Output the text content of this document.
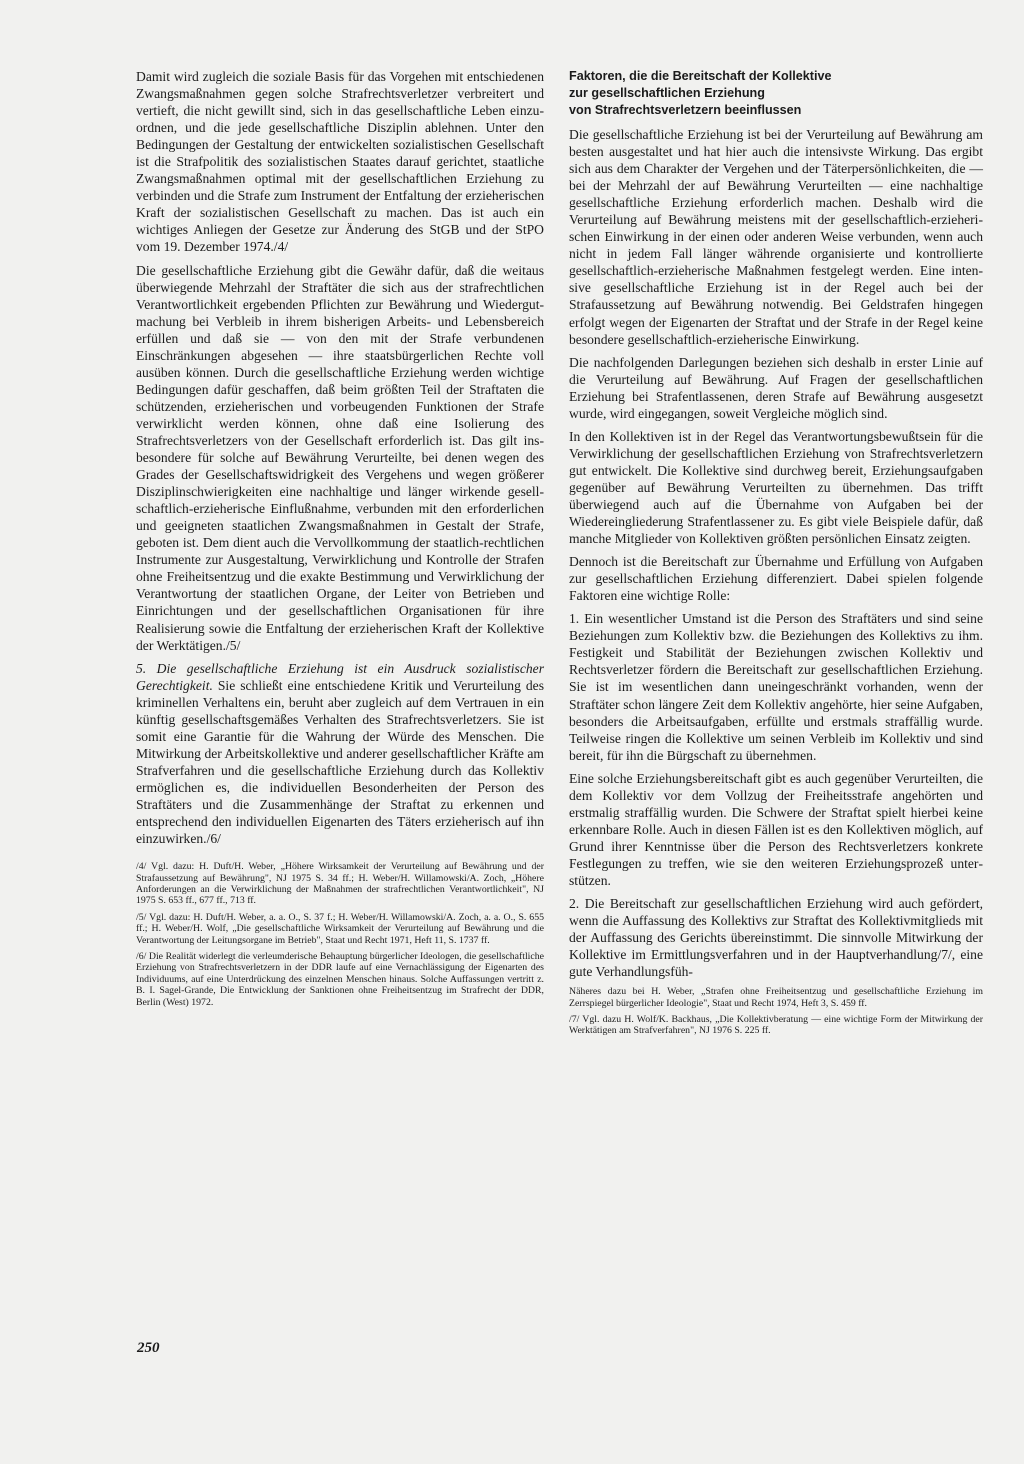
Damit wird zugleich die soziale Basis für das Vorgehen mit entschiedenen Zwangsmaßnahmen gegen solche Strafrechtsverletzer verbreitert und vertieft, die nicht gewillt sind, sich in das gesellschaftliche Leben einzuordnen, und die jede gesellschaftliche Disziplin ablehnen. Unter den Bedingungen der Gestaltung der entwickelten sozialistischen Gesellschaft ist die Strafpolitik des sozialistischen Staates darauf gerichtet, staatliche Zwangsmaßnahmen optimal mit der gesellschaftlichen Erziehung zu verbinden und die Strafe zum Instrument der Entfaltung der erzieherischen Kraft der sozialistischen Gesellschaft zu machen. Das ist auch ein wichtiges Anliegen der Gesetze zur Änderung des StGB und der StPO vom 19. Dezember 1974./4/

Die gesellschaftliche Erziehung gibt die Gewähr dafür, daß die weitaus überwiegende Mehrzahl der Straftäter die sich aus der strafrechtlichen Verantwortlichkeit ergebenden Pflichten zur Bewährung und Wiedergutmachung bei Verbleib in ihrem bisherigen Arbeits- und Lebensbereich erfüllen und daß sie — von den mit der Strafe verbundenen Einschränkungen abgesehen — ihre staatsbürgerlichen Rechte voll ausüben können. Durch die gesellschaftliche Erziehung werden wichtige Bedingungen dafür geschaffen, daß beim größten Teil der Straftaten die schützenden, erzieherischen und vorbeugenden Funktionen der Strafe verwirklicht werden können, ohne daß eine Isolierung des Strafrechtsverletzers von der Gesellschaft erforderlich ist. Das gilt insbesondere für solche auf Bewährung Verurteilte, bei denen wegen des Grades der Gesellschaftswidrigkeit des Vergehens und wegen größerer Disziplinschwierigkeiten eine nachhaltige und länger wirkende gesellschaftlich-erzieherische Einflußnahme, verbunden mit den erforderlichen und geeigneten staatlichen Zwangsmaßnahmen in Gestalt der Strafe, geboten ist. Dem dient auch die Vervollkommung der staatlich-rechtlichen Instrumente zur Ausgestaltung, Verwirklichung und Kontrolle der Strafen ohne Freiheitsentzug und die exakte Bestimmung und Verwirklichung der Verantwortung der staatlichen Organe, der Leiter von Betrieben und Einrichtungen und der gesellschaftlichen Organisationen für ihre Realisierung sowie die Entfaltung der erzieherischen Kraft der Kollektive der Werktätigen./5/

5. Die gesellschaftliche Erziehung ist ein Ausdruck sozialistischer Gerechtigkeit. Sie schließt eine entschiedene Kritik und Verurteilung des kriminellen Verhaltens ein, beruht aber zugleich auf dem Vertrauen in ein künftig gesellschaftsgemäßes Verhalten des Strafrechtsverletzers. Sie ist somit eine Garantie für die Wahrung der Würde des Menschen. Die Mitwirkung der Arbeitskollektive und anderer gesellschaftlicher Kräfte am Strafverfahren und die gesellschaftliche Erziehung durch das Kollektiv ermöglichen es, die individuellen Besonderheiten der Person des Straftäters und die Zusammenhänge der Straftat zu erkennen und entsprechend den individuellen Eigenarten des Täters erzieherisch auf ihn einzuwirken./6/

/4/ Vgl. dazu: H. Duft/H. Weber, „Höhere Wirksamkeit der Verurteilung auf Bewährung und der Strafaussetzung auf Bewährung", NJ 1975 S. 34 ff.; H. Weber/H. Willamowski/A. Zoch, „Höhere Anforderungen an die Verwirklichung der Maßnahmen der strafrechtlichen Verantwortlichkeit", NJ 1975 S. 653 ff., 677 ff., 713 ff.

/5/ Vgl. dazu: H. Duft/H. Weber, a. a. O., S. 37 f.; H. Weber/H. Willamowski/A. Zoch, a. a. O., S. 655 ff.; H. Weber/H. Wolf, „Die gesellschaftliche Wirksamkeit der Verurteilung auf Bewährung und die Verantwortung der Leitungsorgane im Betrieb", Staat und Recht 1971, Heft 11, S. 1737 ff.

/6/ Die Realität widerlegt die verleumderische Behauptung bürgerlicher Ideologen, die gesellschaftliche Erziehung von Strafrechtsverletzern in der DDR laufe auf eine Vernachlässigung der Eigenarten des Individuums, auf eine Unterdrückung des einzelnen Menschen hinaus. Solche Auffassungen vertritt z. B. I. Sagel-Grande, Die Entwicklung der Sanktionen ohne Freiheitsentzug im Strafrecht der DDR, Berlin (West) 1972.

Faktoren, die die Bereitschaft der Kollektive
zur gesellschaftlichen Erziehung
von Strafrechtsverletzern beeinflussen

Die gesellschaftliche Erziehung ist bei der Verurteilung auf Bewährung am besten ausgestaltet und hat hier auch die intensivste Wirkung. Das ergibt sich aus dem Charakter der Vergehen und der Täterpersönlichkeiten, die — bei der Mehrzahl der auf Bewährung Verurteilten — eine nachhaltige gesellschaftliche Erziehung erforderlich machen. Deshalb wird die Verurteilung auf Bewährung meistens mit der gesellschaftlich-erzieherischen Einwirkung in der einen oder anderen Weise verbunden, wenn auch nicht in jedem Fall länger währende organisierte und kontrollierte gesellschaftlich-erzieherische Maßnahmen festgelegt werden. Eine intensive gesellschaftliche Erziehung ist in der Regel auch bei der Strafaussetzung auf Bewährung notwendig. Bei Geldstrafen hingegen erfolgt wegen der Eigenarten der Straftat und der Strafe in der Regel keine besondere gesellschaftlich-erzieherische Einwirkung.

Die nachfolgenden Darlegungen beziehen sich deshalb in erster Linie auf die Verurteilung auf Bewährung. Auf Fragen der gesellschaftlichen Erziehung bei Strafentlassenen, deren Strafe auf Bewährung ausgesetzt wurde, wird eingegangen, soweit Vergleiche möglich sind.

In den Kollektiven ist in der Regel das Verantwortungsbewußtsein für die Verwirklichung der gesellschaftlichen Erziehung von Strafrechtsverletzern gut entwickelt. Die Kollektive sind durchweg bereit, Erziehungsaufgaben gegenüber auf Bewährung Verurteilten zu übernehmen. Das trifft überwiegend auch auf die Übernahme von Aufgaben bei der Wiedereingliederung Strafentlassener zu. Es gibt viele Beispiele dafür, daß manche Mitglieder von Kollektiven größten persönlichen Einsatz zeigten.

Dennoch ist die Bereitschaft zur Übernahme und Erfüllung von Aufgaben zur gesellschaftlichen Erziehung differenziert. Dabei spielen folgende Faktoren eine wichtige Rolle:

1. Ein wesentlicher Umstand ist die Person des Straftäters und sind seine Beziehungen zum Kollektiv bzw. die Beziehungen des Kollektivs zu ihm. Festigkeit und Stabilität der Beziehungen zwischen Kollektiv und Rechtsverletzer fördern die Bereitschaft zur gesellschaftlichen Erziehung. Sie ist im wesentlichen dann uneingeschränkt vorhanden, wenn der Straftäter schon längere Zeit dem Kollektiv angehörte, hier seine Aufgaben, besonders die Arbeitsaufgaben, erfüllte und erstmals straffällig wurde. Teilweise ringen die Kollektive um seinen Verbleib im Kollektiv und sind bereit, für ihn die Bürgschaft zu übernehmen.

Eine solche Erziehungsbereitschaft gibt es auch gegenüber Verurteilten, die dem Kollektiv vor dem Vollzug der Freiheitsstrafe angehörten und erstmalig straffällig wurden. Die Schwere der Straftat spielt hierbei keine erkennbare Rolle. Auch in diesen Fällen ist es den Kollektiven möglich, auf Grund ihrer Kenntnisse über die Person des Rechtsverletzers konkrete Festlegungen zu treffen, wie sie den weiteren Erziehungsprozeß unterstützen.

2. Die Bereitschaft zur gesellschaftlichen Erziehung wird auch gefördert, wenn die Auffassung des Kollektivs zur Straftat des Kollektivmitglieds mit der Auffassung des Gerichts übereinstimmt. Die sinnvolle Mitwirkung der Kollektive im Ermittlungsverfahren und in der Hauptverhandlung/7/, eine gute Verhandlungsfüh-

Näheres dazu bei H. Weber, „Strafen ohne Freiheitsentzug und gesellschaftliche Erziehung im Zerrspiegel bürgerlicher Ideologie", Staat und Recht 1974, Heft 3, S. 459 ff.

/7/ Vgl. dazu H. Wolf/K. Backhaus, „Die Kollektivberatung — eine wichtige Form der Mitwirkung der Werktätigen am Strafverfahren", NJ 1976 S. 225 ff.

250
